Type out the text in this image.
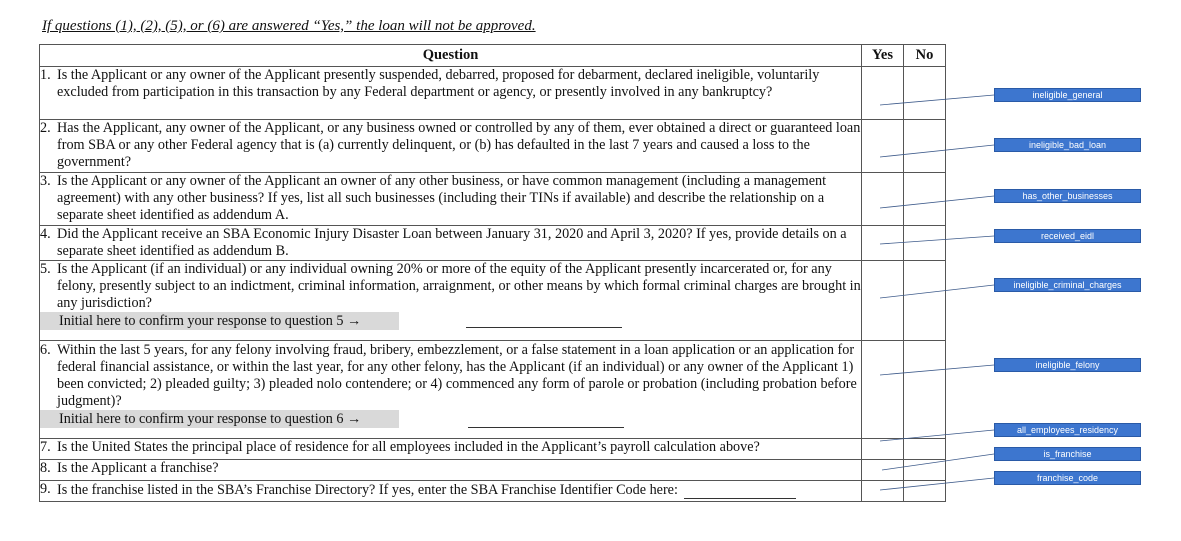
If questions (1), (2), (5), or (6) are answered “Yes,” the loan will not be approved.
Question	Yes	No

1. Is the Applicant or any owner of the Applicant presently suspended, debarred, proposed for debarment, declared ineligible, voluntarily excluded from participation in this transaction by any Federal department or agency, or presently involved in any bankruptcy?		

2. Has the Applicant, any owner of the Applicant, or any business owned or controlled by any of them, ever obtained a direct or guaranteed loan from SBA or any other Federal agency that is (a) currently delinquent, or (b) has defaulted in the last 7 years and caused a loss to the government?		

3. Is the Applicant or any owner of the Applicant an owner of any other business, or have common management (including a management agreement) with any other business? If yes, list all such businesses (including their TINs if available) and describe the relationship on a separate sheet identified as addendum A.		

4. Did the Applicant receive an SBA Economic Injury Disaster Loan between January 31, 2020 and April 3, 2020? If yes, provide details on a separate sheet identified as addendum B.		

5. Is the Applicant (if an individual) or any individual owning 20% or more of the equity of the Applicant presently incarcerated or, for any felony, presently subject to an indictment, criminal information, arraignment, or other means by which formal criminal charges are brought in any jurisdiction?
Initial here to confirm your response to question 5 →		

6. Within the last 5 years, for any felony involving fraud, bribery, embezzlement, or a false statement in a loan application or an application for federal financial assistance, or within the last year, for any other felony, has the Applicant (if an individual) or any owner of the Applicant 1) been convicted; 2) pleaded guilty; 3) pleaded nolo contendere; or 4) commenced any form of parole or probation (including probation before judgment)?
Initial here to confirm your response to question 6 →		

7. Is the United States the principal place of residence for all employees included in the Applicant’s payroll calculation above?		

8. Is the Applicant a franchise?		

9. Is the franchise listed in the SBA’s Franchise Directory? If yes, enter the SBA Franchise Identifier Code here:		

ineligible_general
ineligible_bad_loan
has_other_businesses
received_eidl
ineligible_criminal_charges
ineligible_felony
all_employees_residency
is_franchise
franchise_code
